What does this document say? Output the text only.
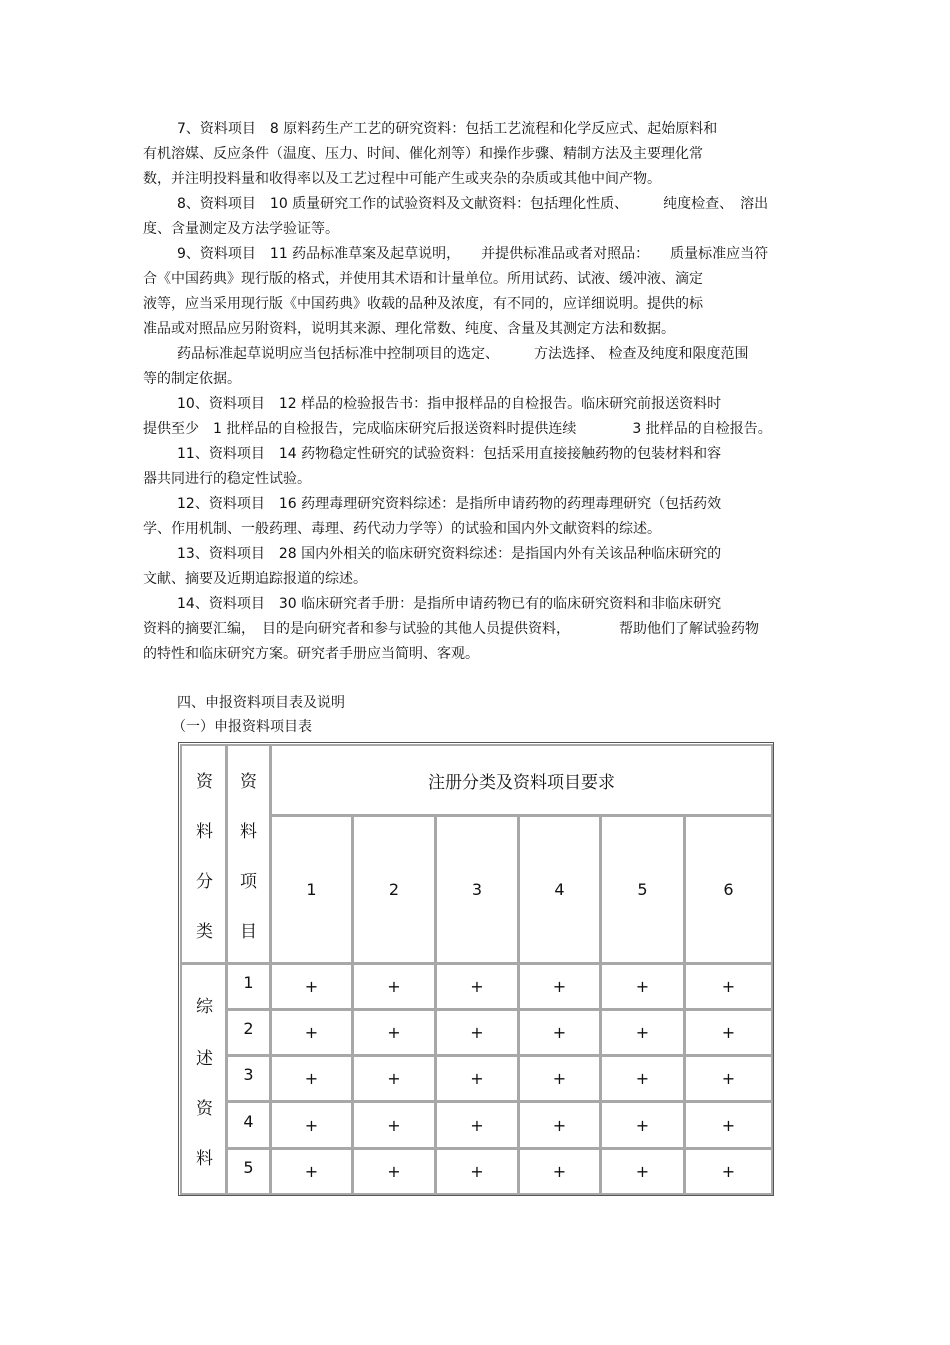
7、资料项目　8 原料药生产工艺的研究资料：包括工艺流程和化学反应式、起始原料和
有机溶媒、反应条件（温度、压力、时间、催化剂等）和操作步骤、精制方法及主要理化常
数，并注明投料量和收得率以及工艺过程中可能产生或夹杂的杂质或其他中间产物。
8、资料项目　10 质量研究工作的试验资料及文献资料：包括理化性质、　　　纯度检查、　溶出
度、含量测定及方法学验证等。
9、资料项目　11 药品标准草案及起草说明，　　并提供标准品或者对照品：　　质量标准应当符
合《中国药典》现行版的格式，并使用其术语和计量单位。所用试药、试液、缓冲液、滴定
液等，应当采用现行版《中国药典》收载的品种及浓度，有不同的，应详细说明。提供的标
准品或对照品应另附资料，说明其来源、理化常数、纯度、含量及其测定方法和数据。
药品标准起草说明应当包括标准中控制项目的选定、　　　方法选择、 检查及纯度和限度范围
等的制定依据。
10、资料项目　12 样品的检验报告书：指申报样品的自检报告。临床研究前报送资料时
提供至少　1 批样品的自检报告，完成临床研究后报送资料时提供连续　　　　3 批样品的自检报告。
11、资料项目　14 药物稳定性研究的试验资料：包括采用直接接触药物的包装材料和容
器共同进行的稳定性试验。
12、资料项目　16 药理毒理研究资料综述：是指所申请药物的药理毒理研究（包括药效
学、作用机制、一般药理、毒理、药代动力学等）的试验和国内外文献资料的综述。
13、资料项目　28 国内外相关的临床研究资料综述：是指国内外有关该品种临床研究的
文献、摘要及近期追踪报道的综述。
14、资料项目　30 临床研究者手册：是指所申请药物已有的临床研究资料和非临床研究
资料的摘要汇编，　目的是向研究者和参与试验的其他人员提供资料，　　　　帮助他们了解试验药物
的特性和临床研究方案。研究者手册应当简明、客观。
四、申报资料项目表及说明
（一）申报资料项目表
资
料
分
类
资
料
项
目
注册分类及资料项目要求
1	2	3	4	5	6
综
述
资
料
1	+	+	+	+	+	+
2	+	+	+	+	+	+
3	+	+	+	+	+	+
4	+	+	+	+	+	+
5	+	+	+	+	+	+
